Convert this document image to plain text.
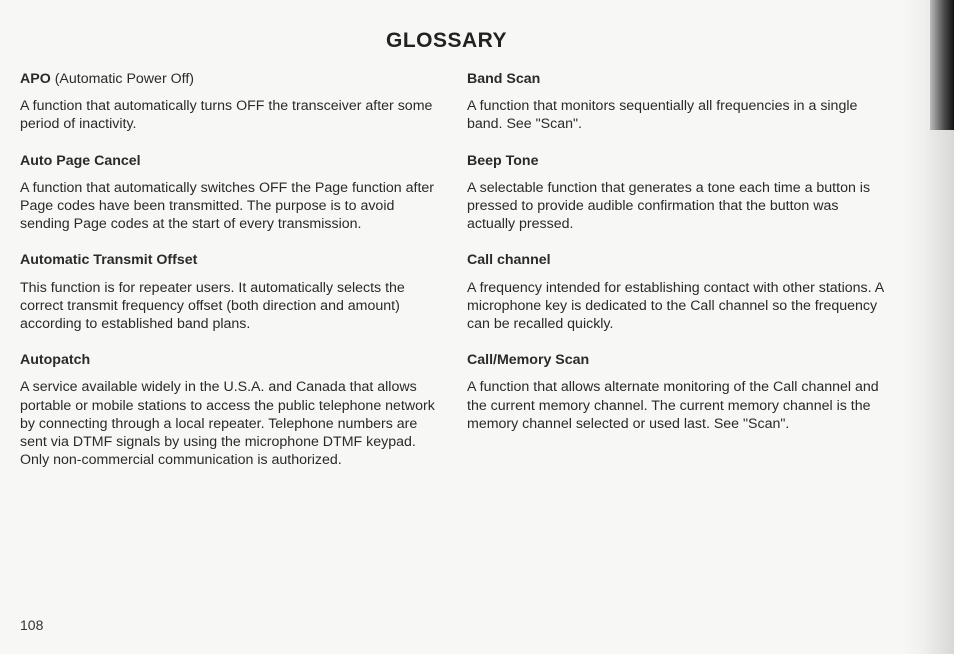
GLOSSARY

APO (Automatic Power Off)

A function that automatically turns OFF the transceiver after some period of inactivity.

Auto Page Cancel

A function that automatically switches OFF the Page function after Page codes have been transmitted. The purpose is to avoid sending Page codes at the start of every transmission.

Automatic Transmit Offset

This function is for repeater users. It automatically selects the correct transmit frequency offset (both direction and amount) according to established band plans.

Autopatch

A service available widely in the U.S.A. and Canada that allows portable or mobile stations to access the public telephone network by connecting through a local repeater. Telephone numbers are sent via DTMF signals by using the microphone DTMF keypad. Only non-commercial communication is authorized.

Band Scan

A function that monitors sequentially all frequencies in a single band. See "Scan".

Beep Tone

A selectable function that generates a tone each time a button is pressed to provide audible confirmation that the button was actually pressed.

Call channel

A frequency intended for establishing contact with other stations. A microphone key is dedicated to the Call channel so the frequency can be recalled quickly.

Call/Memory Scan

A function that allows alternate monitoring of the Call channel and the current memory channel. The current memory channel is the memory channel selected or used last. See "Scan".

108
